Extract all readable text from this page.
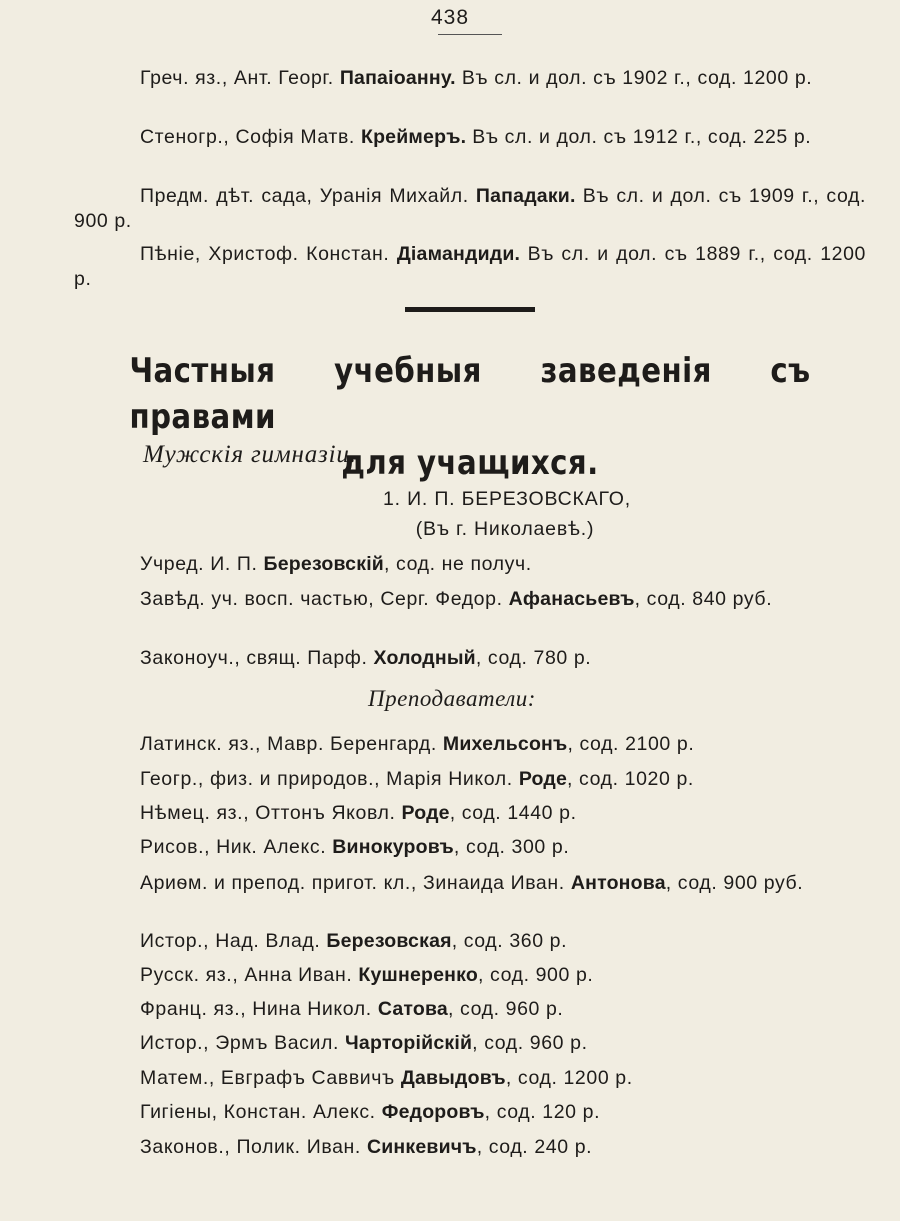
438
Греч. яз., Ант. Георг. Папаіоанну. Въ сл. и дол. съ 1902 г., сод. 1200 р.
Стеногр., Софія Матв. Креймеръ. Въ сл. и дол. съ 1912 г., сод. 225 р.
Предм. дѣт. сада, Уранія Михайл. Пападаки. Въ сл. и дол. съ 1909 г., сод. 900 р.
Пѣніе, Христоф. Констан. Діамандиди. Въ сл. и дол. съ 1889 г., сод. 1200 р.
Частныя учебныя заведенія съ правами
для учащихся.
Мужскія гимназіи.
1. И. П. БЕРЕЗОВСКАГО,
(Въ г. Николаевѣ.)
Учред. И. П. Березовскій, сод. не получ.
Завѣд. уч. восп. частью, Серг. Федор. Афанасьевъ, сод. 840 руб.
Законоуч., свящ. Парф. Холодный, сод. 780 р.
Преподаватели:
Латинск. яз., Мавр. Беренгард. Михельсонъ, сод. 2100 р.
Геогр., физ. и природов., Марія Никол. Роде, сод. 1020 р.
Нѣмец. яз., Оттонъ Яковл. Роде, сод. 1440 р.
Рисов., Ник. Алекс. Винокуровъ, сод. 300 р.
Ариѳм. и препод. пригот. кл., Зинаида Иван. Антонова, сод. 900 руб.
Истор., Над. Влад. Березовская, сод. 360 р.
Русск. яз., Анна Иван. Кушнеренко, сод. 900 р.
Франц. яз., Нина Никол. Сатова, сод. 960 р.
Истор., Эрмъ Васил. Чарторійскій, сод. 960 р.
Матем., Евграфъ Саввичъ Давыдовъ, сод. 1200 р.
Гигіены, Констан. Алекс. Федоровъ, сод. 120 р.
Законов., Полик. Иван. Синкевичъ, сод. 240 р.
